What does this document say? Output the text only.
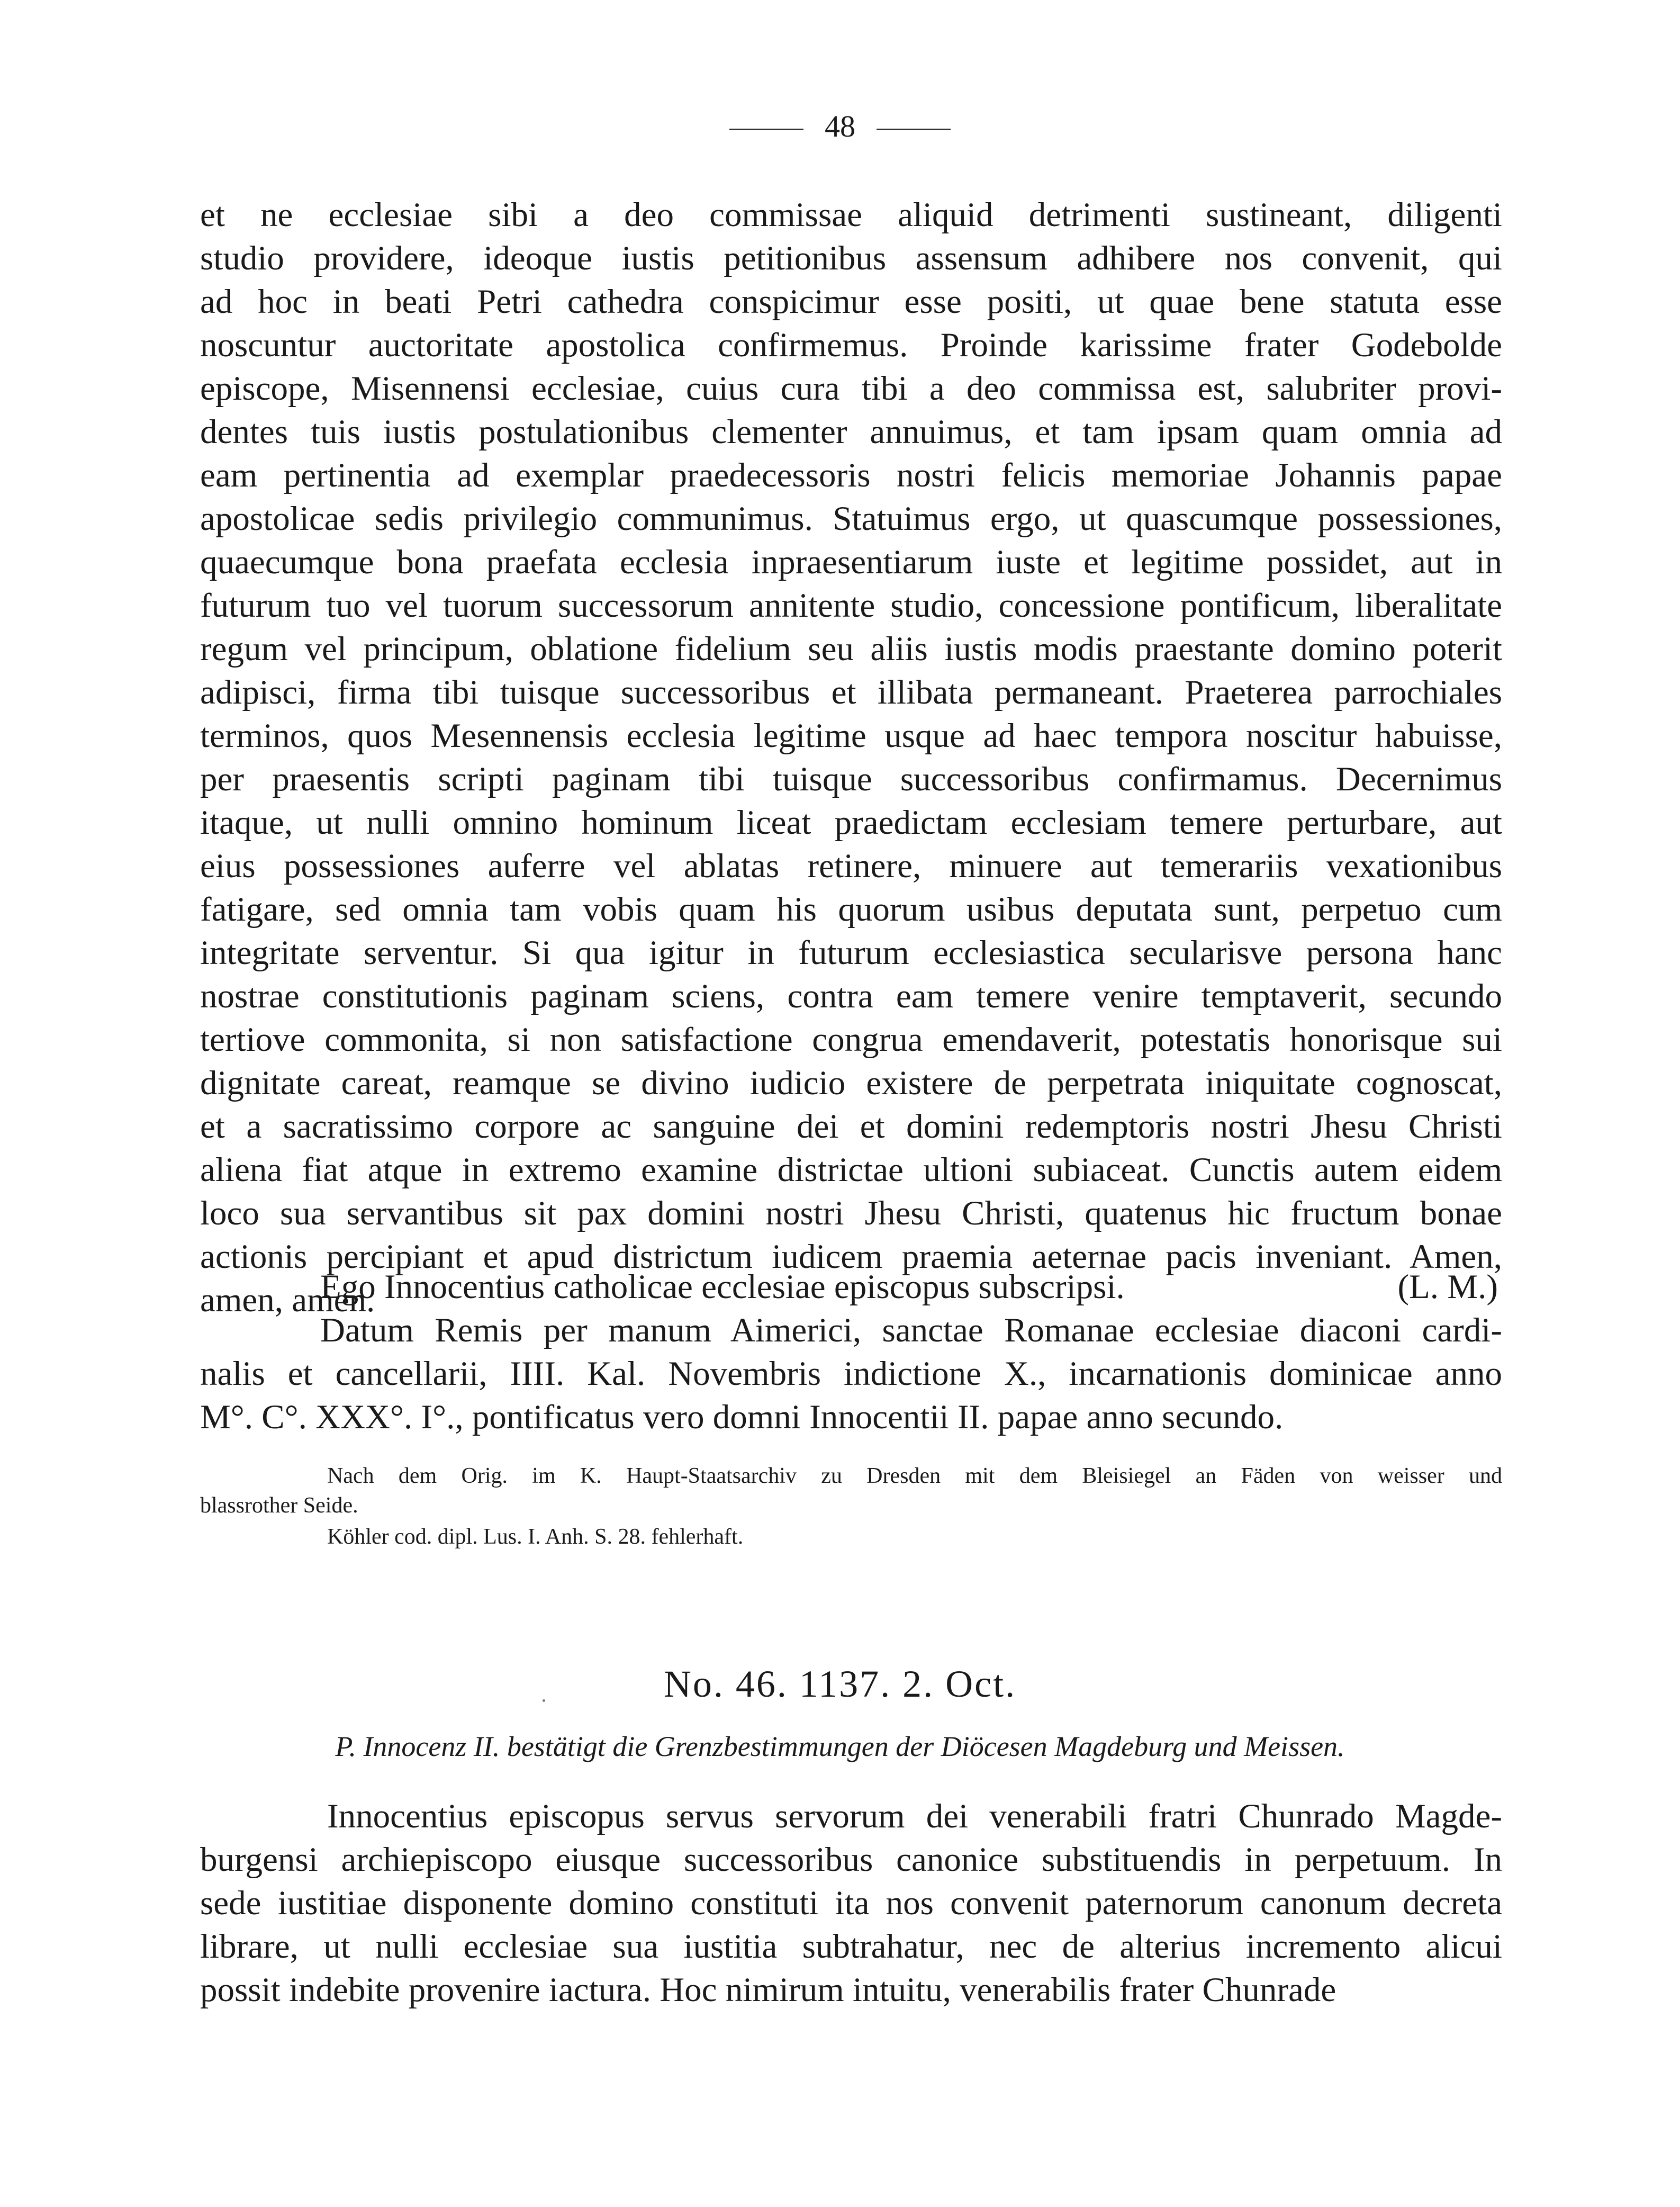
48
et ne ecclesiae sibi a deo commissae aliquid detrimenti sustineant, diligenti
studio providere, ideoque iustis petitionibus assensum adhibere nos convenit, qui
ad hoc in beati Petri cathedra conspicimur esse positi, ut quae bene statuta esse
noscuntur auctoritate apostolica confirmemus. Proinde karissime frater Godebolde
episcope, Misennensi ecclesiae, cuius cura tibi a deo commissa est, salubriter provi-
dentes tuis iustis postulationibus clementer annuimus, et tam ipsam quam omnia ad
eam pertinentia ad exemplar praedecessoris nostri felicis memoriae Johannis papae
apostolicae sedis privilegio communimus. Statuimus ergo, ut quascumque possessiones,
quaecumque bona praefata ecclesia inpraesentiarum iuste et legitime possidet, aut in
futurum tuo vel tuorum successorum annitente studio, concessione pontificum, liberalitate
regum vel principum, oblatione fidelium seu aliis iustis modis praestante domino poterit
adipisci, firma tibi tuisque successoribus et illibata permaneant. Praeterea parrochiales
terminos, quos Mesennensis ecclesia legitime usque ad haec tempora noscitur habuisse,
per praesentis scripti paginam tibi tuisque successoribus confirmamus. Decernimus
itaque, ut nulli omnino hominum liceat praedictam ecclesiam temere perturbare, aut
eius possessiones auferre vel ablatas retinere, minuere aut temerariis vexationibus
fatigare, sed omnia tam vobis quam his quorum usibus deputata sunt, perpetuo cum
integritate serventur. Si qua igitur in futurum ecclesiastica secularisve persona hanc
nostrae constitutionis paginam sciens, contra eam temere venire temptaverit, secundo
tertiove commonita, si non satisfactione congrua emendaverit, potestatis honorisque sui
dignitate careat, reamque se divino iudicio existere de perpetrata iniquitate cognoscat,
et a sacratissimo corpore ac sanguine dei et domini redemptoris nostri Jhesu Christi
aliena fiat atque in extremo examine districtae ultioni subiaceat. Cunctis autem eidem
loco sua servantibus sit pax domini nostri Jhesu Christi, quatenus hic fructum bonae
actionis percipiant et apud districtum iudicem praemia aeternae pacis inveniant. Amen,
amen, amen.
Ego Innocentius catholicae ecclesiae episcopus subscripsi.	(L. M.)
Datum Remis per manum Aimerici, sanctae Romanae ecclesiae diaconi cardi-
nalis et cancellarii, IIII. Kal. Novembris indictione X., incarnationis dominicae anno
M°. C°. XXX°. I°., pontificatus vero domni Innocentii II. papae anno secundo.
Nach dem Orig. im K. Haupt-Staatsarchiv zu Dresden mit dem Bleisiegel an Fäden von weisser und
blassrother Seide.
Köhler cod. dipl. Lus. I. Anh. S. 28. fehlerhaft.
No. 46. 1137. 2. Oct.
P. Innocenz II. bestätigt die Grenzbestimmungen der Diöcesen Magdeburg und Meissen.
Innocentius episcopus servus servorum dei venerabili fratri Chunrado Magde-
burgensi archiepiscopo eiusque successoribus canonice substituendis in perpetuum. In
sede iustitiae disponente domino constituti ita nos convenit paternorum canonum decreta
librare, ut nulli ecclesiae sua iustitia subtrahatur, nec de alterius incremento alicui
possit indebite provenire iactura. Hoc nimirum intuitu, venerabilis frater Chunrade
